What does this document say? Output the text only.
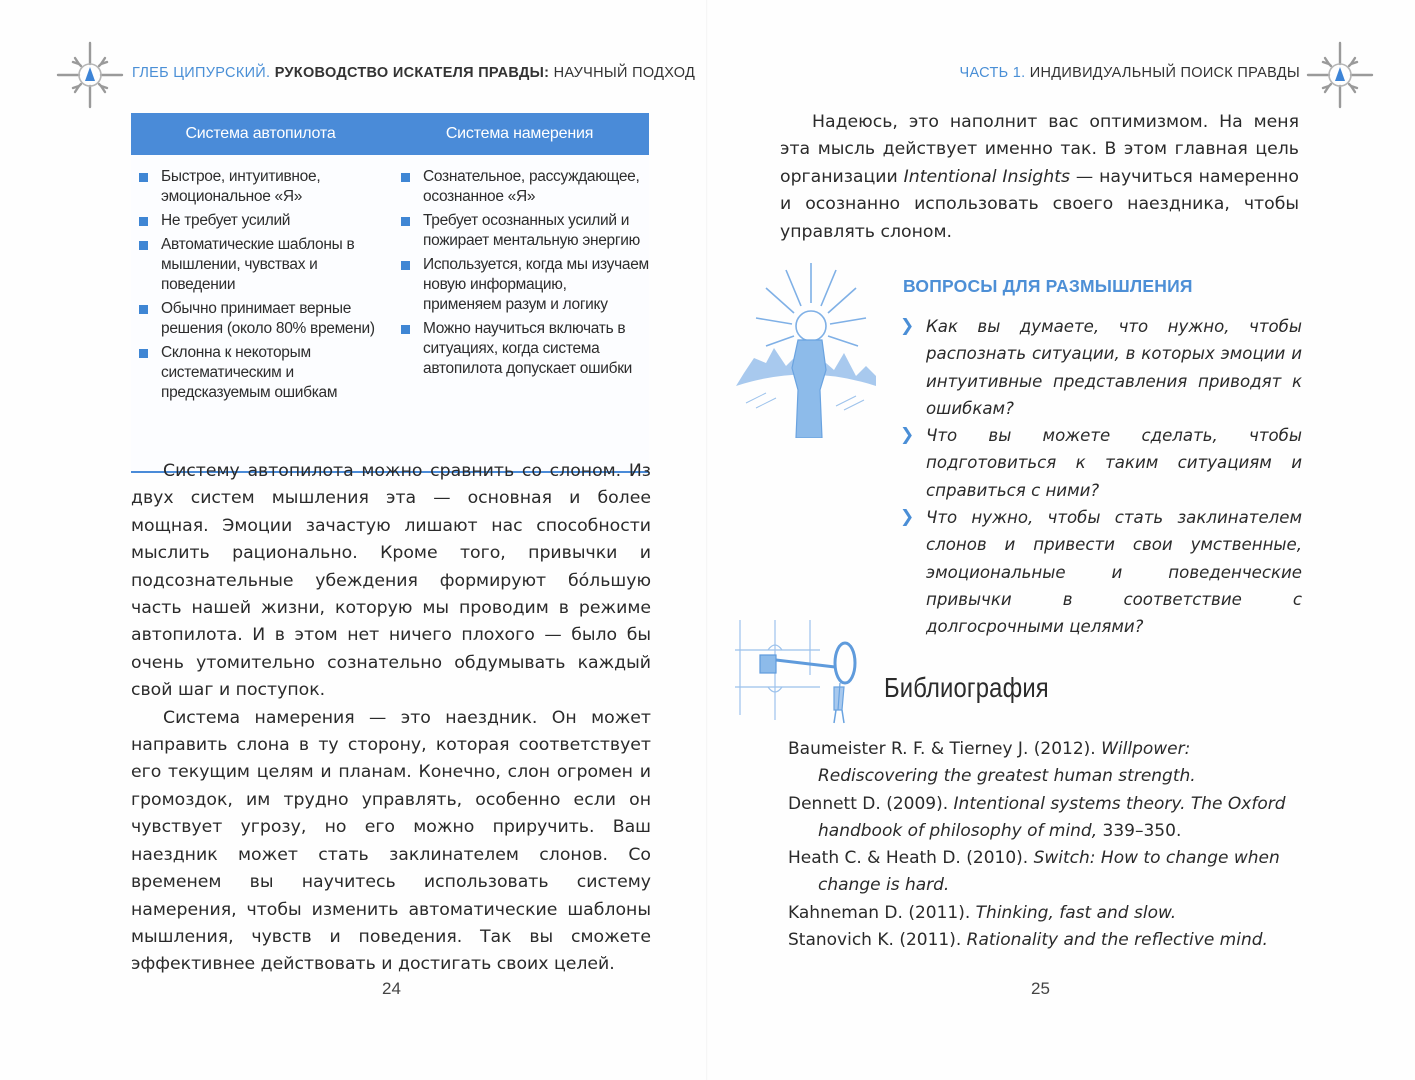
ГЛЕБ ЦИПУРСКИЙ. РУКОВОДСТВО ИСКАТЕЛЯ ПРАВДЫ: НАУЧНЫЙ ПОДХОД
Система автопилота	Система намерения
Быстрое, интуитивное, эмоциональное «Я»
Не требует усилий
Автоматические шаблоны в мышлении, чувствах и поведении
Обычно принимает верные решения (около 80% времени)
Склонна к некоторым систематическим и предсказуемым ошибкам
Сознательное, рассуждающее, осознанное «Я»
Требует осознанных усилий и пожирает ментальную энергию
Используется, когда мы изучаем новую информацию, применяем разум и логику
Можно научиться включать в ситуациях, когда система автопилота допускает ошибки

Систему автопилота можно сравнить со слоном. Из двух систем мышления эта — основная и более мощная. Эмоции зачастую лишают нас способности мыслить рационально. Кроме того, привычки и подсознательные убеждения формируют бóльшую часть нашей жизни, которую мы проводим в режиме автопилота. И в этом нет ничего плохого — было бы очень утомительно сознательно обдумывать каждый свой шаг и поступок.

Система намерения — это наездник. Он может направить слона в ту сторону, которая соответствует его текущим целям и планам. Конечно, слон огромен и громоздок, им трудно управлять, особенно если он чувствует угрозу, но его можно приручить. Ваш наездник может стать заклинателем слонов. Со временем вы научитесь использовать систему намерения, чтобы изменить автоматические шаблоны мышления, чувств и поведения. Так вы сможете эффективнее действовать и достигать своих целей.

24
ЧАСТЬ 1. ИНДИВИДУАЛЬНЫЙ ПОИСК ПРАВДЫ

Надеюсь, это наполнит вас оптимизмом. На меня эта мысль действует именно так. В этом главная цель организации Intentional Insights — научиться намеренно и осознанно использовать своего наездника, чтобы управлять слоном.

ВОПРОСЫ ДЛЯ РАЗМЫШЛЕНИЯ
❯ Как вы думаете, что нужно, чтобы распознать ситуации, в которых эмоции и интуитивные представления приводят к ошибкам?
❯ Что вы можете сделать, чтобы подготовиться к таким ситуациям и справиться с ними?
❯ Что нужно, чтобы стать заклинателем слонов и привести свои умственные, эмоциональные и поведенческие привычки в соответствие с долгосрочными целями?
Библиография
Baumeister R. F. & Tierney J. (2012). Willpower: Rediscovering the greatest human strength.
Dennett D. (2009). Intentional systems theory. The Oxford handbook of philosophy of mind, 339–350.
Heath C. & Heath D. (2010). Switch: How to change when change is hard.
Kahneman D. (2011). Thinking, fast and slow.
Stanovich K. (2011). Rationality and the reflective mind.
25
